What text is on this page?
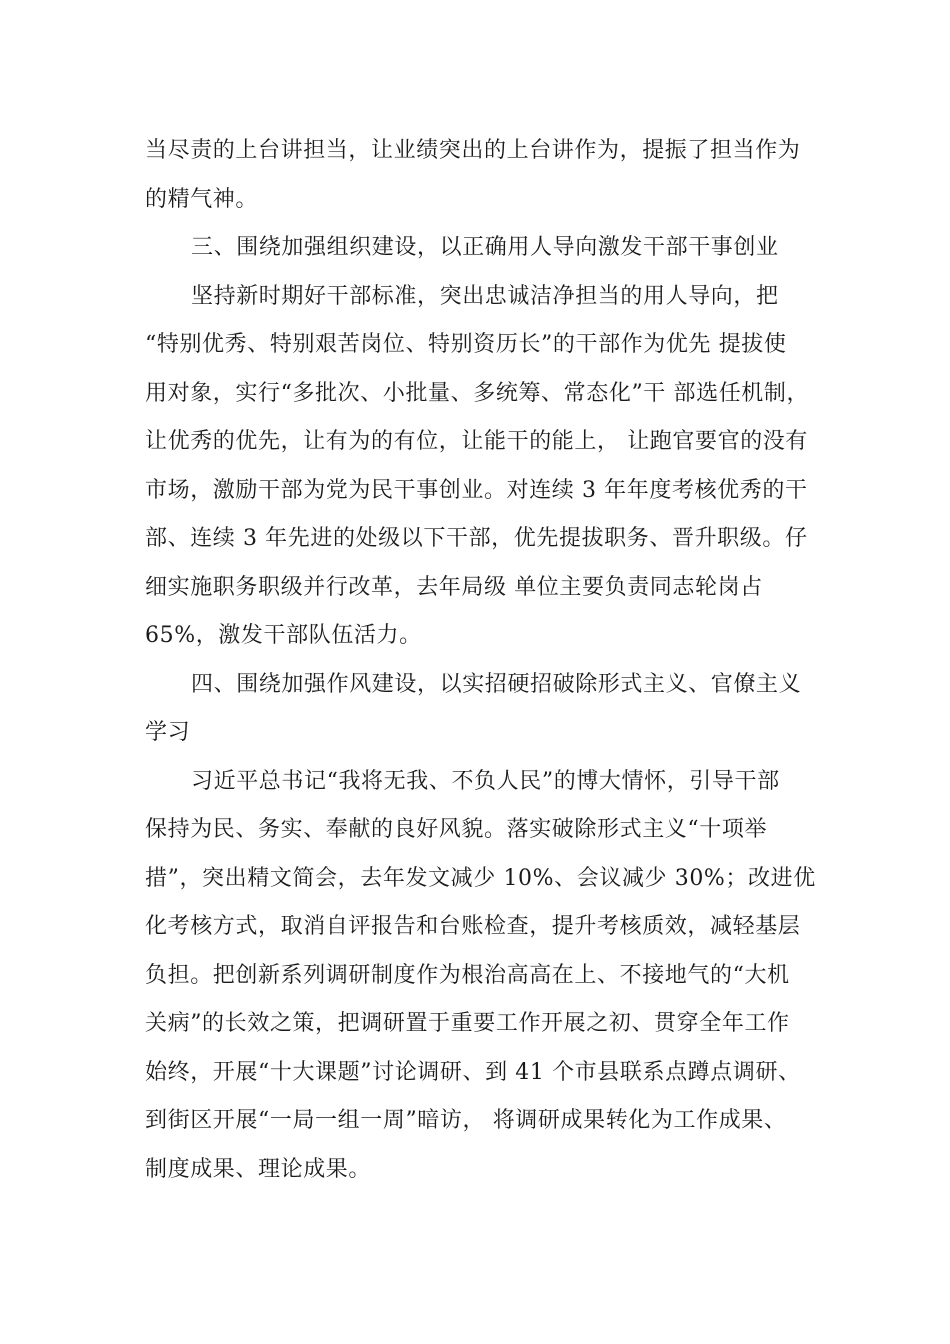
当尽责的上台讲担当，让业绩突出的上台讲作为，提振了担当作为
的精气神。

三、围绕加强组织建设，以正确用人导向激发干部干事创业

坚持新时期好干部标准，突出忠诚洁净担当的用人导向，把
“特别优秀、特别艰苦岗位、特别资历长”的干部作为优先 提拔使
用对象，实行“多批次、小批量、多统筹、常态化”干 部选任机制，
让优秀的优先，让有为的有位，让能干的能上， 让跑官要官的没有
市场，激励干部为党为民干事创业。对连续 3 年年度考核优秀的干
部、连续 3 年先进的处级以下干部，优先提拔职务、晋升职级。仔
细实施职务职级并行改革，去年局级 单位主要负责同志轮岗占
65%，激发干部队伍活力。

四、围绕加强作风建设，以实招硬招破除形式主义、官僚主义
学习

习近平总书记“我将无我、不负人民”的博大情怀，引导干部
保持为民、务实、奉献的良好风貌。落实破除形式主义“十项举
措”，突出精文简会，去年发文减少 10%、会议减少 30%；改进优
化考核方式，取消自评报告和台账检查，提升考核质效，减轻基层
负担。把创新系列调研制度作为根治高高在上、不接地气的“大机
关病”的长效之策，把调研置于重要工作开展之初、贯穿全年工作
始终，开展“十大课题”讨论调研、到 41 个市县联系点蹲点调研、
到街区开展“一局一组一周”暗访， 将调研成果转化为工作成果、
制度成果、理论成果。
